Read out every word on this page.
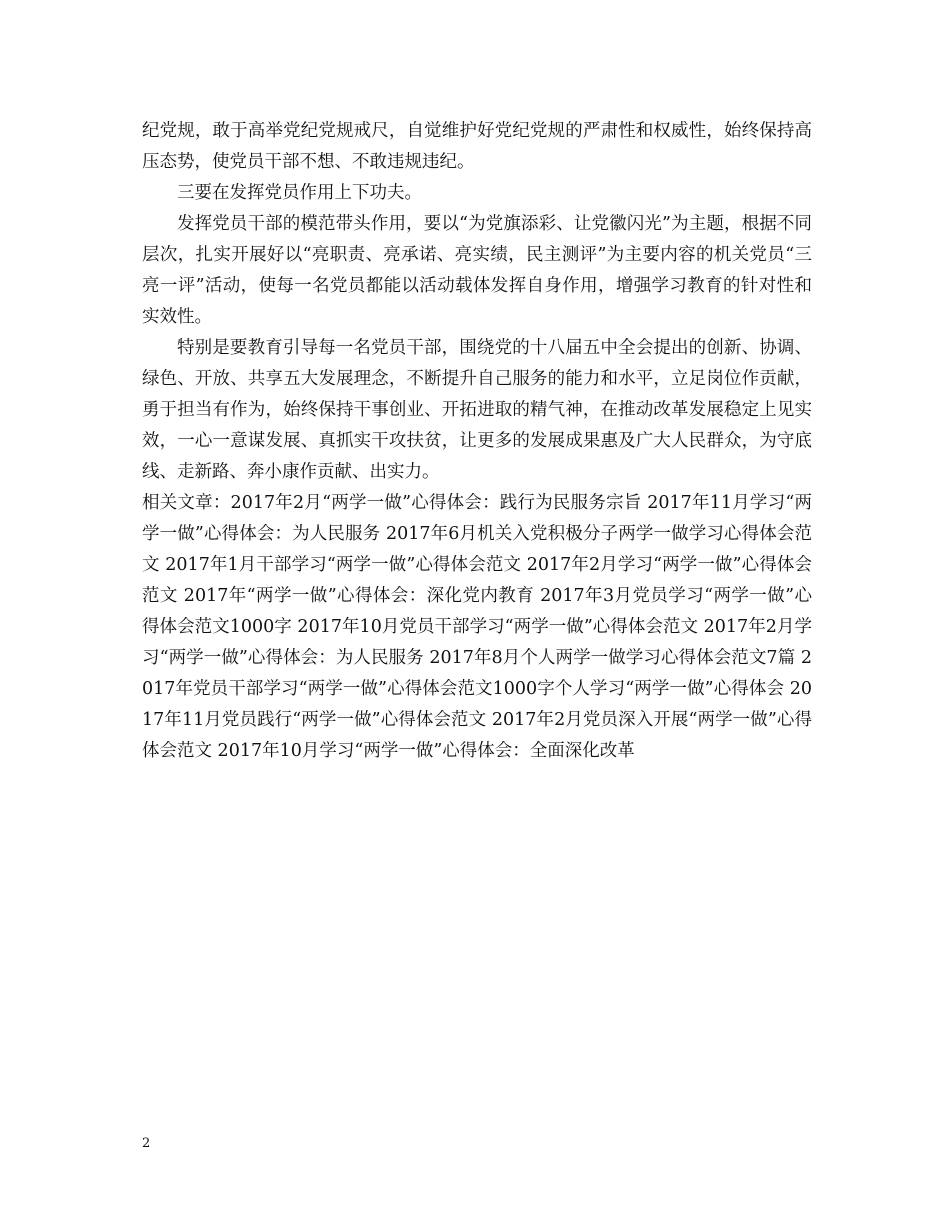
纪党规，敢于高举党纪党规戒尺，自觉维护好党纪党规的严肃性和权威性，始终保持高压态势，使党员干部不想、不敢违规违纪。

三要在发挥党员作用上下功夫。

发挥党员干部的模范带头作用，要以“为党旗添彩、让党徽闪光”为主题，根据不同层次，扎实开展好以“亮职责、亮承诺、亮实绩，民主测评”为主要内容的机关党员“三亮一评”活动，使每一名党员都能以活动载体发挥自身作用，增强学习教育的针对性和实效性。

特别是要教育引导每一名党员干部，围绕党的十八届五中全会提出的创新、协调、绿色、开放、共享五大发展理念，不断提升自己服务的能力和水平，立足岗位作贡献，勇于担当有作为，始终保持干事创业、开拓进取的精气神，在推动改革发展稳定上见实效，一心一意谋发展、真抓实干攻扶贫，让更多的发展成果惠及广大人民群众，为守底线、走新路、奔小康作贡献、出实力。

相关文章：2017年2月“两学一做”心得体会：践行为民服务宗旨 2017年11月学习“两学一做”心得体会：为人民服务 2017年6月机关入党积极分子两学一做学习心得体会范文 2017年1月干部学习“两学一做”心得体会范文 2017年2月学习“两学一做”心得体会范文 2017年“两学一做”心得体会：深化党内教育 2017年3月党员学习“两学一做”心得体会范文1000字 2017年10月党员干部学习“两学一做”心得体会范文 2017年2月学习“两学一做”心得体会：为人民服务 2017年8月个人两学一做学习心得体会范文7篇 2017年党员干部学习“两学一做”心得体会范文1000字个人学习“两学一做”心得体会 2017年11月党员践行“两学一做”心得体会范文 2017年2月党员深入开展“两学一做”心得体会范文 2017年10月学习“两学一做”心得体会：全面深化改革

2
